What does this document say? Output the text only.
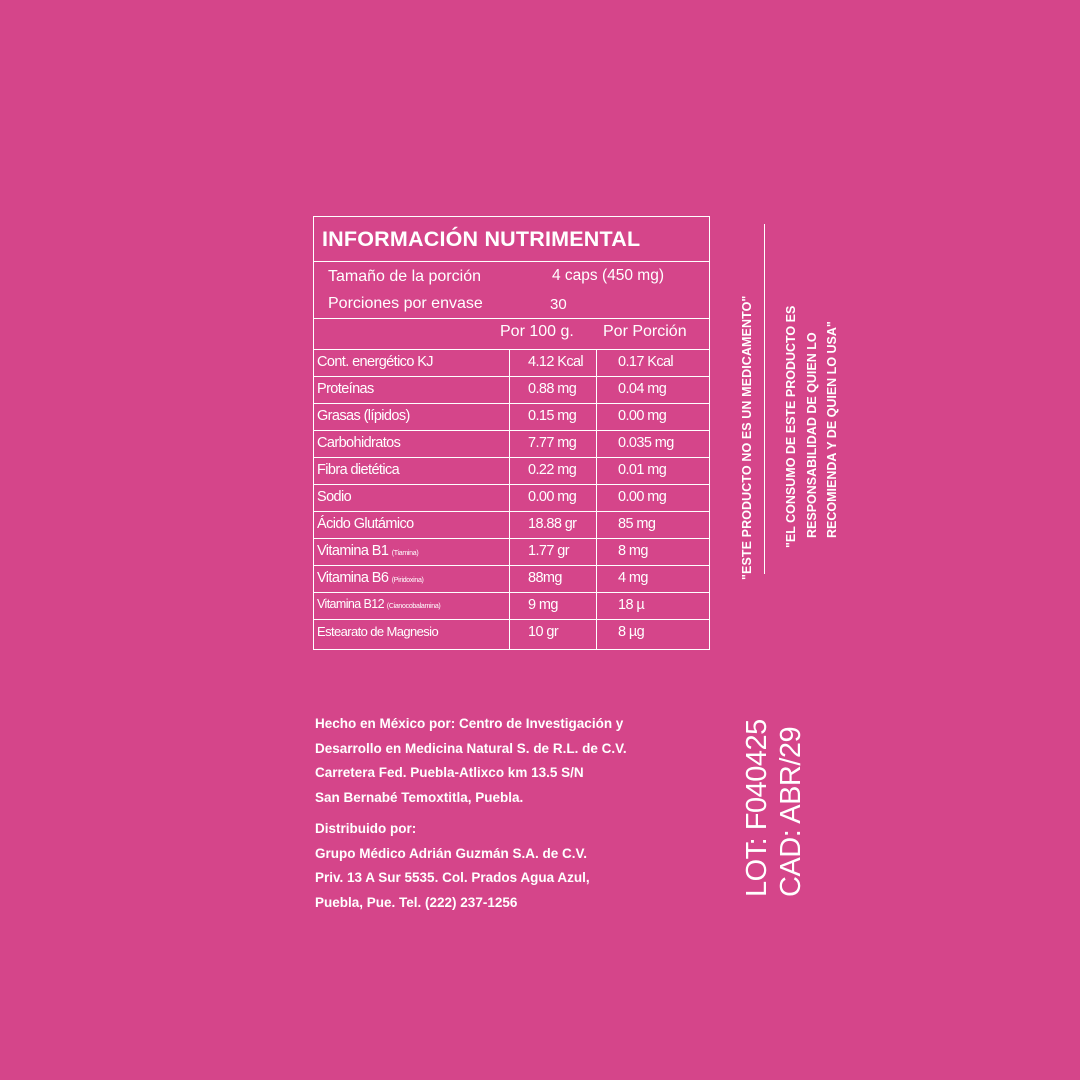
INFORMACIÓN NUTRIMENTAL
Tamaño de la porción	4 caps (450 mg)
Porciones por envase	30
Por 100 g. Por Porción
Cont. energético KJ	4.12 Kcal 0.17 Kcal
Proteínas	0.88 mg	0.04 mg
Grasas (lípidos)	0.15 mg	0.00 mg
Carbohidratos	7.77 mg	0.035 mg
Fibra dietética	0.22 mg	0.01 mg
Sodio	0.00 mg	0.00 mg
Ácido Glutámico	18.88 gr	85 mg
Vitamina B1 (Tiamina)	1.77 gr	8 mg
Vitamina B6 (Piridoxina)	88mg	4 mg
Vitamina B12 (Cianocobalamina)	9 mg	18 µ
Estearato de Magnesio	10 gr	8 µg
"ESTE PRODUCTO NO ES UN MEDICAMENTO" "EL CONSUMO DE ESTE PRODUCTO ES RESPONSABILIDAD DE QUIEN LO RECOMIENDA Y DE QUIEN LO USA"
Hecho en México por: Centro de Investigación y
Desarrollo en Medicina Natural S. de R.L. de C.V.
Carretera Fed. Puebla-Atlixco km 13.5 S/N
San Bernabé Temoxtitla, Puebla.
Distribuido por:
Grupo Médico Adrián Guzmán S.A. de C.V.
Priv. 13 A Sur 5535. Col. Prados Agua Azul,
Puebla, Pue. Tel. (222) 237-1256
LOT: F040425 CAD: ABR/29
